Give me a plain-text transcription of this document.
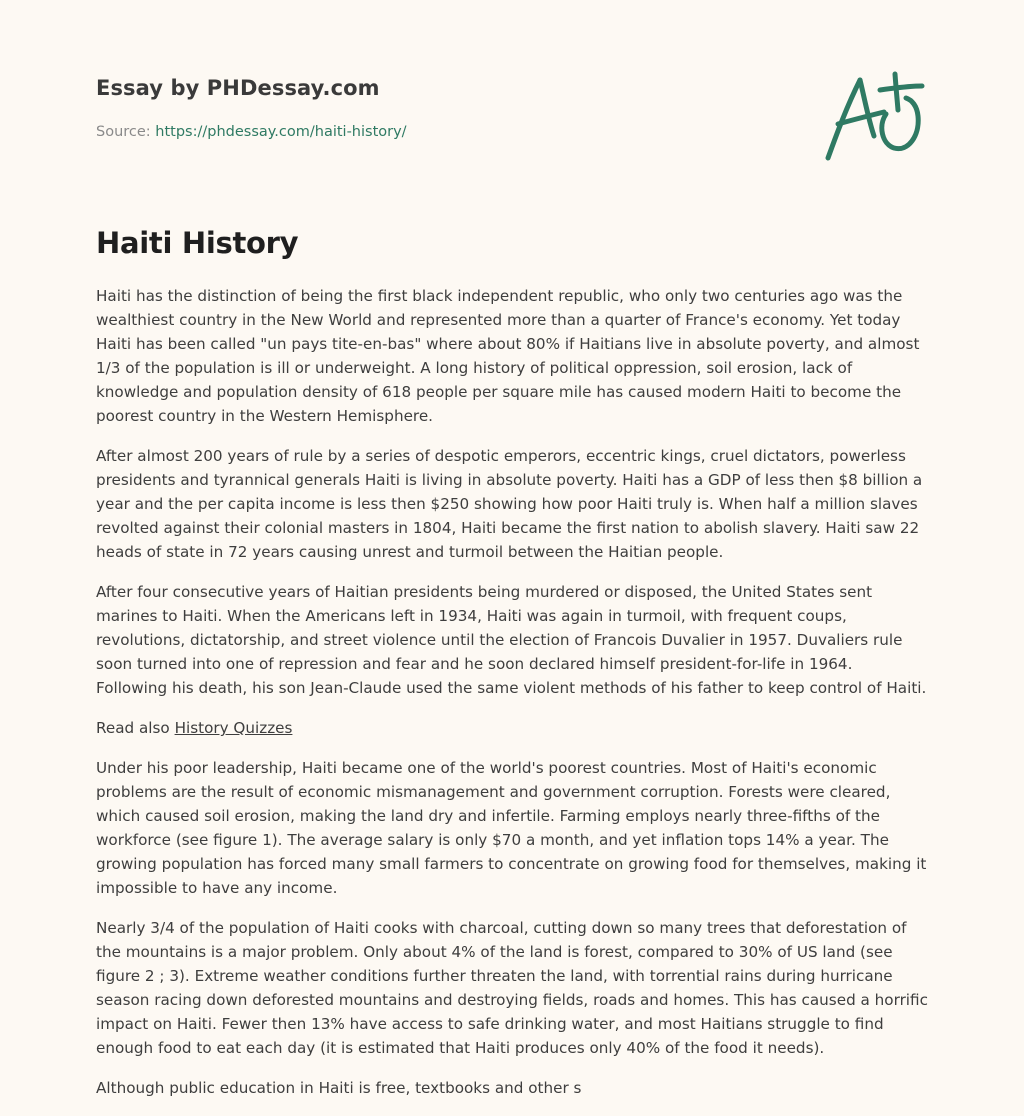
Essay by PHDessay.com
Source: https://phdessay.com/haiti-history/
Haiti History

Haiti has the distinction of being the first black independent republic, who only two centuries ago was the wealthiest country in the New World and represented more than a quarter of France's economy. Yet today Haiti has been called "un pays tite-en-bas" where about 80% if Haitians live in absolute poverty, and almost 1/3 of the population is ill or underweight. A long history of political oppression, soil erosion, lack of knowledge and population density of 618 people per square mile has caused modern Haiti to become the poorest country in the Western Hemisphere.

After almost 200 years of rule by a series of despotic emperors, eccentric kings, cruel dictators, powerless presidents and tyrannical generals Haiti is living in absolute poverty. Haiti has a GDP of less then $8 billion a year and the per capita income is less then $250 showing how poor Haiti truly is. When half a million slaves revolted against their colonial masters in 1804, Haiti became the first nation to abolish slavery. Haiti saw 22 heads of state in 72 years causing unrest and turmoil between the Haitian people.

After four consecutive years of Haitian presidents being murdered or disposed, the United States sent marines to Haiti. When the Americans left in 1934, Haiti was again in turmoil, with frequent coups, revolutions, dictatorship, and street violence until the election of Francois Duvalier in 1957. Duvaliers rule soon turned into one of repression and fear and he soon declared himself president-for-life in 1964. Following his death, his son Jean-Claude used the same violent methods of his father to keep control of Haiti.

Read also History Quizzes

Under his poor leadership, Haiti became one of the world's poorest countries. Most of Haiti's economic problems are the result of economic mismanagement and government corruption. Forests were cleared, which caused soil erosion, making the land dry and infertile. Farming employs nearly three-fifths of the workforce (see figure 1). The average salary is only $70 a month, and yet inflation tops 14% a year. The growing population has forced many small farmers to concentrate on growing food for themselves, making it impossible to have any income.

Nearly 3/4 of the population of Haiti cooks with charcoal, cutting down so many trees that deforestation of the mountains is a major problem. Only about 4% of the land is forest, compared to 30% of US land (see figure 2 ; 3). Extreme weather conditions further threaten the land, with torrential rains during hurricane season racing down deforested mountains and destroying fields, roads and homes. This has caused a horrific impact on Haiti. Fewer then 13% have access to safe drinking water, and most Haitians struggle to find enough food to eat each day (it is estimated that Haiti produces only 40% of the food it needs).

Although public education in Haiti is free, textbooks and other s
